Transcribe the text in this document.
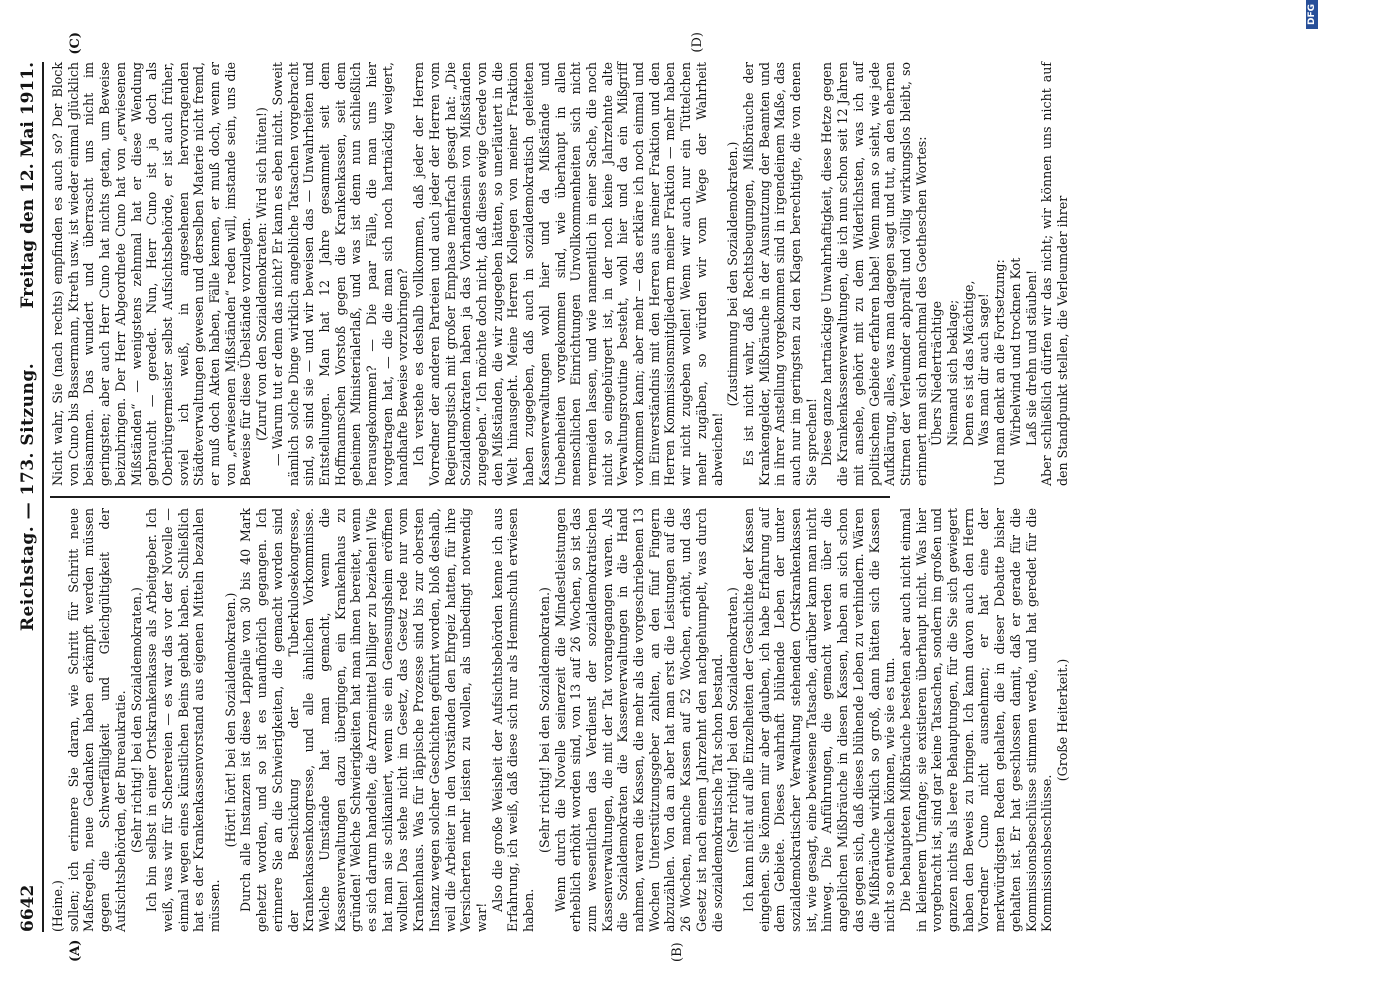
6642
Reichstag. — 173. Sitzung.
Freitag den 12. Mai 1911.
(A)	(B)
(C)	(D)

(Heine.) sollen; ich erinnere Sie daran, wie Schritt für Schritt neue Maßregeln, neue Gedanken haben erkämpft werden müssen gegen die Schwerfälligkeit und Gleichgültigkeit der Aufsichtsbehörden, der Bureaukratie. (Sehr richtig! bei den Sozialdemokraten.) Ich bin selbst in einer Ortskrankenkasse als Arbeitgeber. Ich weiß, was wir für Scherereien — es war das vor der Novelle — einmal wegen eines künstlichen Beins gehabt haben. Schließlich hat es der Krankenkassenvorstand aus eigenen Mitteln bezahlen müssen.

(Hört! hört! bei den Sozialdemokraten.) Durch alle Instanzen ist diese Lappalie von 30 bis 40 Mark gehetzt worden, und so ist es unaufhörlich gegangen. Ich erinnere Sie an die Schwierigkeiten, die gemacht worden sind der Beschickung der Tuberkulosekongresse, Krankenkassenkongresse, und alle ähnlichen Vorkommnisse. Welche Umstände hat man gemacht, wenn die Kassenverwaltungen dazu übergingen, ein Krankenhaus zu gründen! Welche Schwierigkeiten hat man ihnen bereitet, wenn es sich darum handelte, die Arzneimittel billiger zu beziehen! Wie hat man sie schikaniert, wenn sie ein Genesungsheim eröffnen wollten! Das stehe nicht im Gesetz, das Gesetz rede nur vom Krankenhaus. Was für läppische Prozesse sind bis zur obersten Instanz wegen solcher Geschichten geführt worden, bloß deshalb, weil die Arbeiter in den Vorständen den Ehrgeiz hatten, für ihre Versicherten mehr leisten zu wollen, als unbedingt notwendig war!

Also die große Weisheit der Aufsichtsbehörden kenne ich aus Erfahrung, ich weiß, daß diese sich nur als Hemmschuh erwiesen haben.

(Sehr richtig! bei den Sozialdemokraten.) Wenn durch die Novelle seinerzeit die Mindestleistungen erheblich erhöht worden sind, von 13 auf 26 Wochen, so ist das zum wesentlichen das Verdienst der sozialdemokratischen Kassenverwaltungen, die mit der Tat vorangegangen waren. Als die Sozialdemokraten die Kassenverwaltungen in die Hand nahmen, waren die Kassen, die mehr als die vorgeschriebenen 13 Wochen Unterstützungsgeber zahlten, an den fünf Fingern abzuzählen. Von da an aber hat man erst die Leistungen auf die 26 Wochen, manche Kassen auf 52 Wochen, erhöht, und das Gesetz ist nach einem Jahrzehnt den nachgehumpelt, was durch die sozialdemokratische Tat schon bestand. (Sehr richtig! bei den Sozialdemokraten.) Ich kann nicht auf alle Einzelheiten der Geschichte der Kassen eingehen. Sie können mir aber glauben, ich habe Erfahrung auf dem Gebiete. Dieses wahrhaft blühende Leben der unter sozialdemokratischer Verwaltung stehenden Ortskrankenkassen ist, wie gesagt, eine bewiesene Tatsache, darüber kann man nicht hinweg. Die Anführungen, die gemacht werden über die angeblichen Mißbräuche in diesen Kassen, haben an sich schon das gegen sich, daß dieses blühende Leben zu verhindern. Wären die Mißbräuche wirklich so groß, dann hätten sich die Kassen nicht so entwickeln können, wie sie es tun. Die behaupteten Mißbräuche bestehen aber auch nicht einmal in kleinerem Umfange; sie existieren überhaupt nicht. Was hier vorgebracht ist, sind gar keine Tatsachen, sondern im großen und ganzen nichts als leere Behauptungen, für die Sie sich gewiegert haben den Beweis zu bringen. Ich kann davon auch den Herrn Vorredner Cuno nicht ausnehmen; er hat eine der merkwürdigsten Reden gehalten, die in dieser Debatte bisher gehalten ist. Er hat geschlossen damit, daß er gerade für die Kommissionsbeschlüsse stimmen werde, und hat geredet für die Kommissionsbeschlüsse.

(Große Heiterkeit.)

Nicht wahr, Sie (nach rechts) empfinden es auch so? Der Block von Cuno bis Bassermann, Ktreth usw. ist wieder einmal glücklich beisammen. Das wundert und überrascht uns nicht im geringsten; aber auch Herr Cuno hat nichts getan, um Beweise beizubringen. Der Herr Abgeordnete Cuno hat von „erwiesenen Mißständen“ — wenigstens zehnmal hat er diese Wendung gebraucht — geredet. Nun, Herr Cuno ist ja doch als Oberbürgermeister selbst Aufsichtsbehörde, er ist auch früher, soviel ich weiß, in angesehenen hervorragenden Städteverwaltungen gewesen und derselben Materie nicht fremd, er muß doch Akten haben, Fälle kennen, er muß doch, wenn er von „erwiesenen Mißständen“ reden will, imstande sein, uns die Beweise für diese Übelstände vorzulegen. (Zuruf von den Sozialdemokraten: Wird sich hüten!) — Warum tut er denn das nicht? Er kann es eben nicht. Soweit nämlich solche Dinge wirklich angebliche Tatsachen vorgebracht sind, so sind sie — und wir beweisen das — Unwahrheiten und Entstellungen. Man hat 12 Jahre gesammelt seit dem Hoffmannschen Vorstoß gegen die Krankenkassen, seit dem geheimen Ministerialerlaß, und was ist denn nun schließlich herausgekommen? — Die paar Fälle, die man uns hier vorgetragen hat, — die die man sich noch hartnäckig weigert, handhafte Beweise vorzubringen? Ich verstehe es deshalb vollkommen, daß jeder der Herren Vorredner der anderen Parteien und auch jeder der Herren vom Regierungstisch mit großer Emphase mehrfach gesagt hat: „Die Sozialdemokraten haben ja das Vorhandensein von Mißständen zugegeben.“ Ich möchte doch nicht, daß dieses ewige Gerede von den Mißständen, die wir zugegeben hätten, so unerläutert in die Welt hinausgeht. Meine Herren Kollegen von meiner Fraktion haben zugegeben, daß auch in sozialdemokratisch geleiteten Kassenverwaltungen wohl hier und da Mißstände und Unebenheiten vorgekommen sind, wie überhaupt in allen menschlichen Einrichtungen Unvollkommenheiten sich nicht vermeiden lassen, und wie namentlich in einer Sache, die noch nicht so eingebürgert ist, in der noch keine Jahrzehnte alte Verwaltungsroutine besteht, wohl hier und da ein Mißgriff vorkommen kann; aber mehr — das erkläre ich noch einmal und im Einverständnis mit den Herren aus meiner Fraktion und den Herren Kommissionsmitgliedern meiner Fraktion — mehr haben wir nicht zugeben wollen! Wenn wir auch nur ein Tüttelchen mehr zugäben, so würden wir vom Wege der Wahrheit abweichen!

(Zustimmung bei den Sozialdemokraten.) Es ist nicht wahr, daß Rechtsbeugungen, Mißbräuche der Krankengelder, Mißbräuche in der Ausnutzung der Beamten und in ihrer Anstellung vorgekommen sind in irgendeinem Maße, das auch nur im geringsten zu den Klagen berechtigte, die von denen Sie sprechen! Diese ganze hartnäckige Unwahrhaftigkeit, diese Hetze gegen die Krankenkassenverwaltungen, die ich nun schon seit 12 Jahren mit ansehe, gehört mit zu dem Widerlichsten, was ich auf politischem Gebiete erfahren habe! Wenn man so sieht, wie jede Aufklärung, alles, was man dagegen sagt und tut, an den ehernen Stirnen der Verleumder abprallt und völlig wirkungslos bleibt, so erinnert man sich manchmal des Goetheschen Wortes: Übers Niederträchtige Niemand sich beklage; Denn es ist das Mächtige, Was man dir auch sage! Und man denkt an die Fortsetzung: Wirbelwind und trocknen Kot Laß sie drehn und stäuben! Aber schließlich dürfen wir das nicht; wir können uns nicht auf den Standpunkt stellen, die Verleumder ihrer

DFG
